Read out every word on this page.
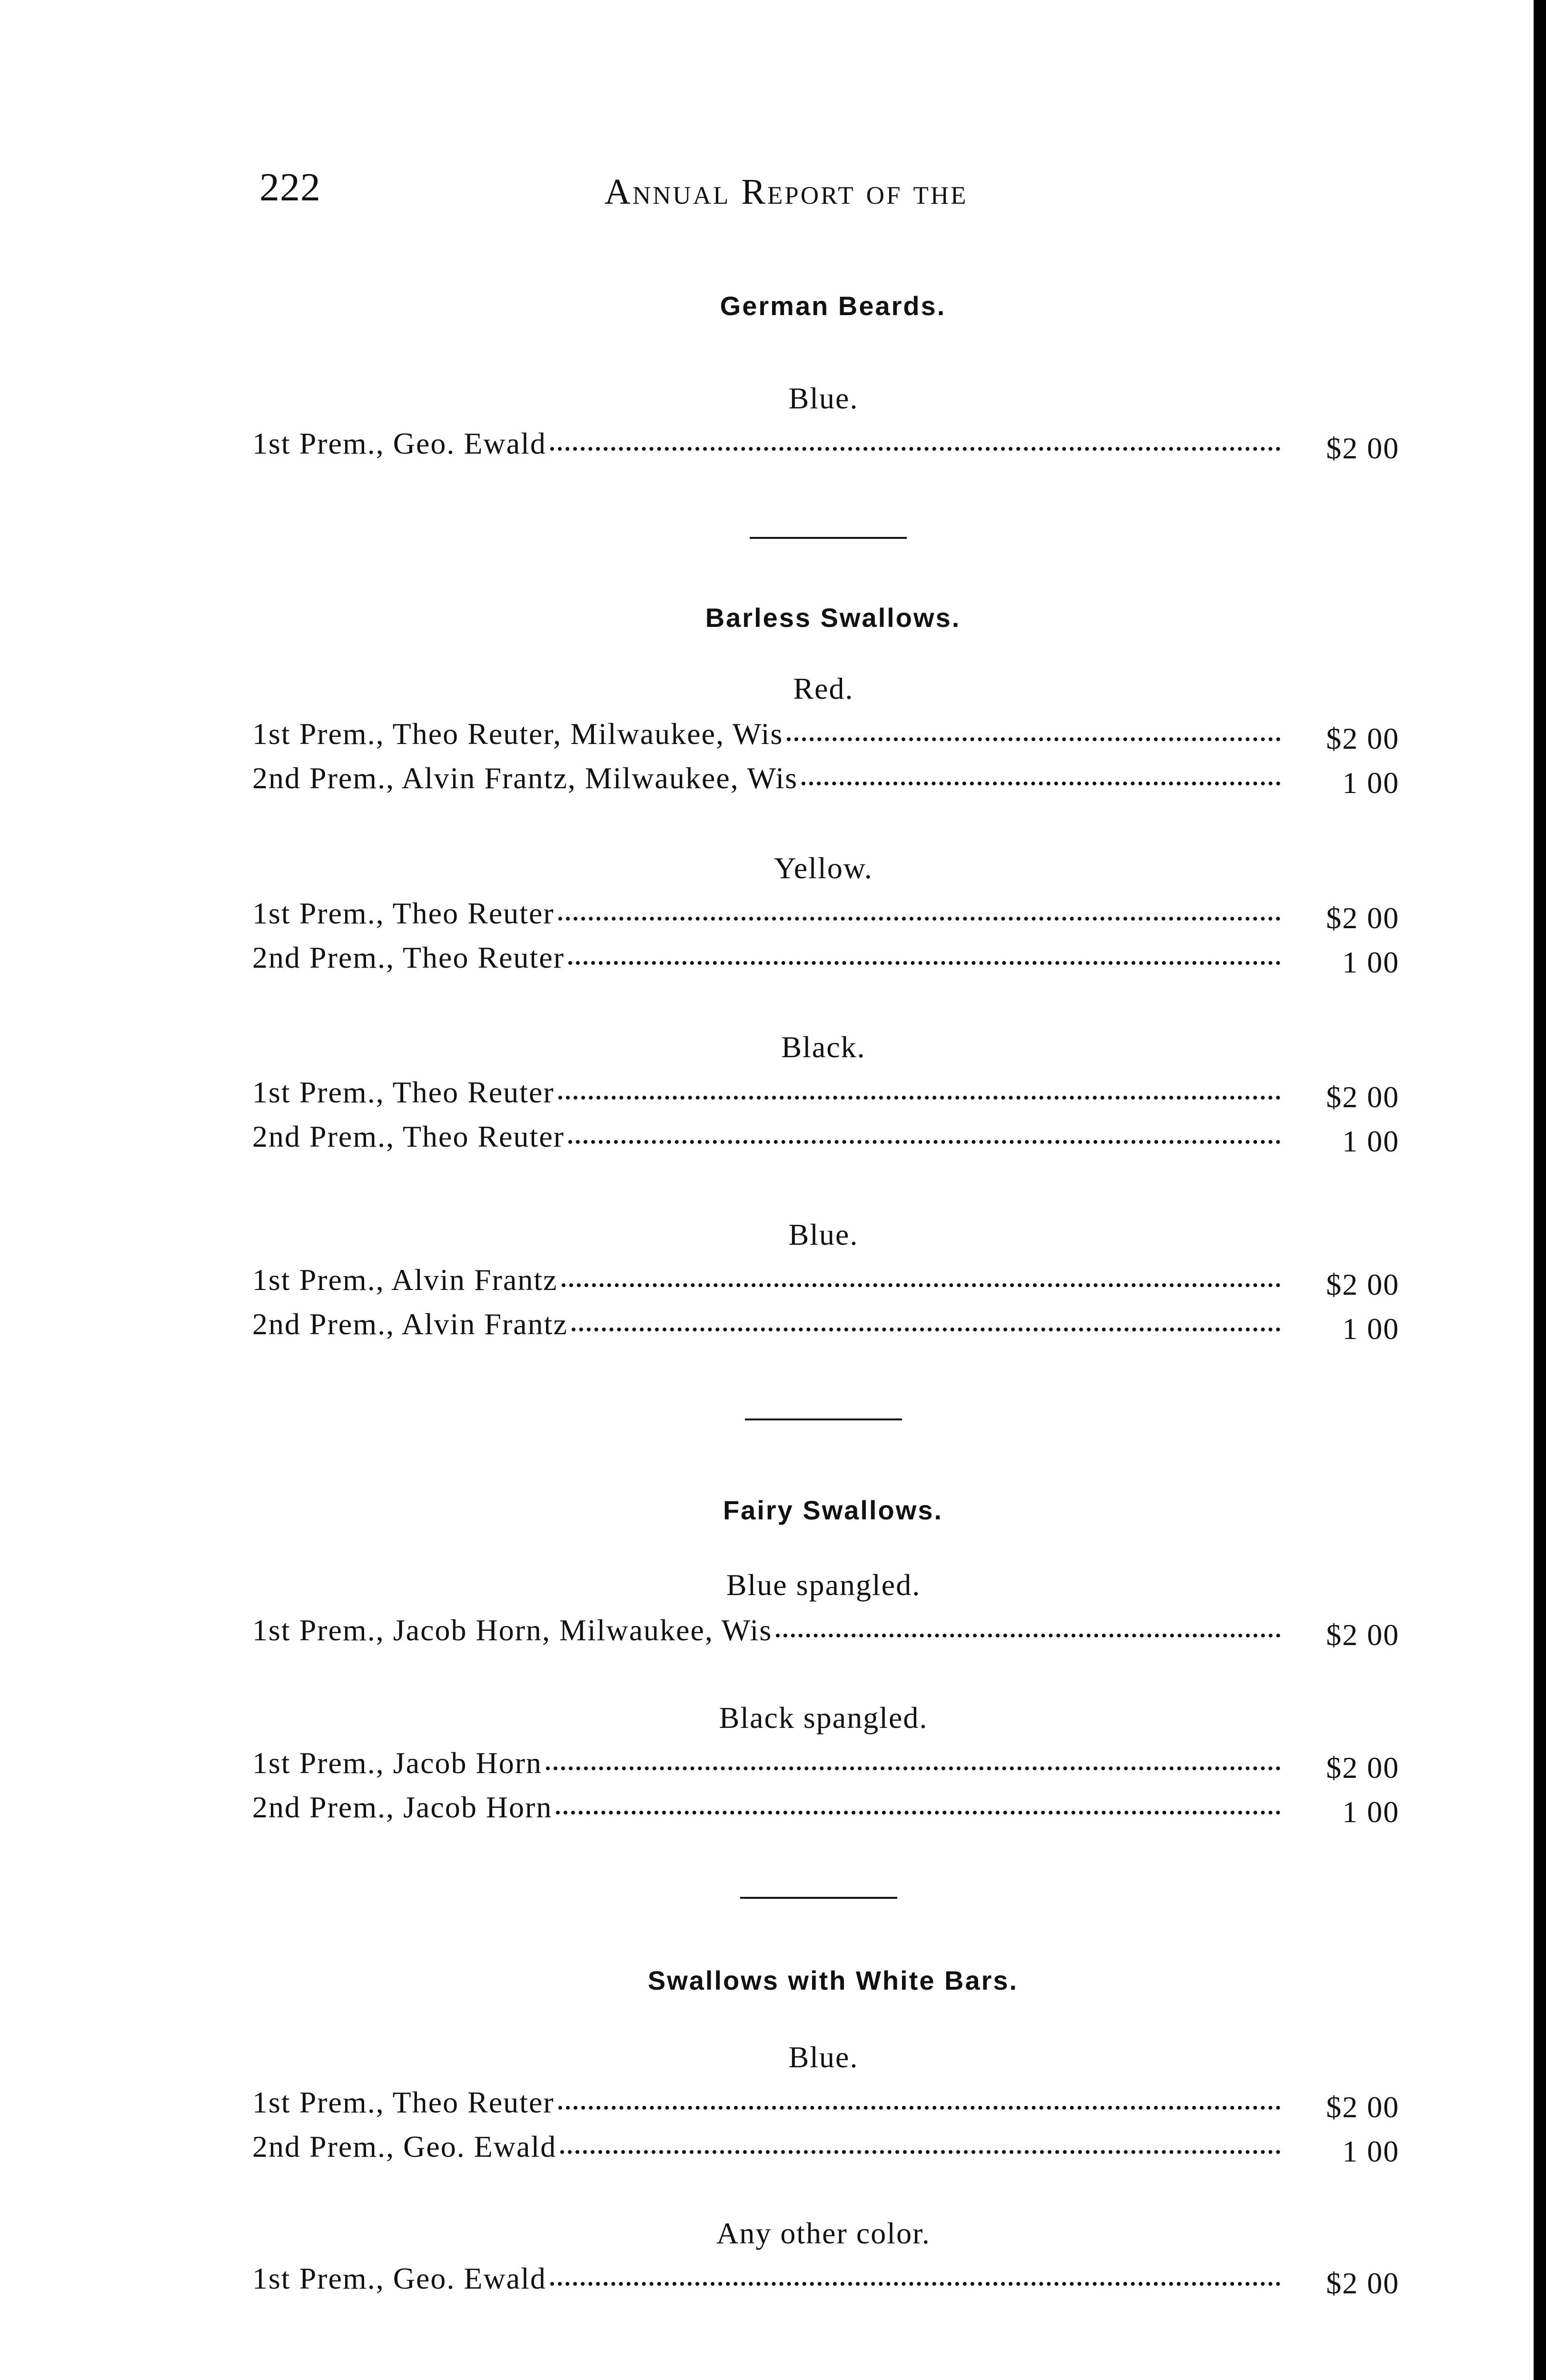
222	Annual Report of the
German Beards.
Blue.
1st Prem., Geo. Ewald	$2 00
Barless Swallows.
Red.
1st Prem., Theo Reuter, Milwaukee, Wis	$2 00
2nd Prem., Alvin Frantz, Milwaukee, Wis	1 00
Yellow.
1st Prem., Theo Reuter	$2 00
2nd Prem., Theo Reuter	1 00
Black.
1st Prem., Theo Reuter	$2 00
2nd Prem., Theo Reuter	1 00
Blue.
1st Prem., Alvin Frantz	$2 00
2nd Prem., Alvin Frantz	1 00
Fairy Swallows.
Blue spangled.
1st Prem., Jacob Horn, Milwaukee, Wis	$2 00
Black spangled.
1st Prem., Jacob Horn	$2 00
2nd Prem., Jacob Horn	1 00
Swallows with White Bars.
Blue.
1st Prem., Theo Reuter	$2 00
2nd Prem., Geo. Ewald	1 00
Any other color.
1st Prem., Geo. Ewald	$2 00
